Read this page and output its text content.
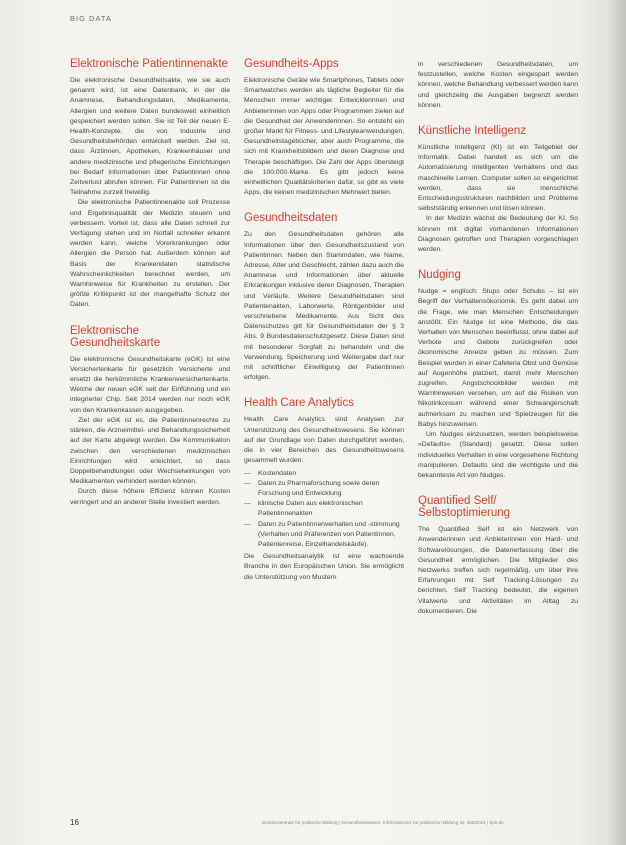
BIG DATA
Elektronische Patientinnenakte

Die elektronische Gesundheitsakte, wie sie auch genannt wird, ist eine Datenbank, in der die Anamnese, Behandlungsdaten, Medikamente, Allergien und weitere Daten bundesweit einheitlich gespeichert werden sollen. Sie ist Teil der neuen E-Health-Konzepte, die von Industrie und Gesundheitsbehörden entwickelt werden. Ziel ist, dass Ärztinnen, Apotheken, Krankenhäuser und andere medizinische und pflegerische Einrichtungen bei Bedarf Informationen über Patientinnen ohne Zeitverlust abrufen können. Für Patientinnen ist die Teilnahme zurzeit freiwillig.

Die elektronische Patientinnenakte soll Prozesse und Ergebnisqualität der Medizin steuern und verbessern. Vorteil ist, dass alle Daten schnell zur Verfügung stehen und im Notfall schneller erkannt werden kann, welche Vorerkrankungen oder Allergien die Person hat. Außerdem können auf Basis der Krankendaten statistische Wahrscheinlichkeiten berechnet werden, um Warnhinweise für Krankheiten zu erstellen. Der größte Kritikpunkt ist der mangelhafte Schutz der Daten.

Elektronische Gesundheitskarte

Die elektronische Gesundheitskarte (eGK) ist eine Versichertenkarte für gesetzlich Versicherte und ersetzt die herkömmliche Krankenversichertenkarte. Welche der neuen eGK seit der Einführung und ein integrierter Chip. Seit 2014 werden nur noch eGK von den Krankenkassen ausgegeben.

Ziel der eGK ist es, die Patientinnenrechte zu stärken, die Arzneimittel- und Behandlungssicherheit auf der Karte abgelegt werden. Die Kommunikation zwischen den verschiedenen medizinischen Einrichtungen wird erleichtert, so dass Doppelbehandlungen oder Wechselwirkungen von Medikamenten verhindert werden können.

Durch diese höhere Effizienz können Kosten verringert und an anderer Stelle investiert werden.

Gesundheits-Apps

Elektronische Geräte wie Smartphones, Tablets oder Smartwatches werden als tägliche Begleiter für die Menschen immer wichtiger. Entwicklerinnen und Anbieterinnen von Apps oder Programmen zielen auf die Gesundheit der Anwenderinnen. So entsteht ein großer Markt für Fitness- und Lifestyleanwendungen, Gesundheitstagebücher, aber auch Programme, die sich mit Krankheitsbildern und deren Diagnose und Therapie beschäftigen. Die Zahl der Apps übersteigt die 100.000-Marke. Es gibt jedoch keine einheitlichen Qualitätskriterien dafür, so gibt es viele Apps, die keinen medizinischen Mehrwert bieten.

Gesundheitsdaten

Zu den Gesundheitsdaten gehören alle Informationen über den Gesundheitszustand von Patientinnen. Neben den Stammdaten, wie Name, Adresse, Alter und Geschlecht, zählen dazu auch die Anamnese und Informationen über aktuelle Erkrankungen inklusive deren Diagnosen, Therapien und Verläufe. Weitere Gesundheitsdaten sind Patientenakten, Laborwerte, Röntgenbilder und verschriebene Medikamente. Aus Sicht des Datenschutzes gilt für Gesundheitsdaten der § 3 Abs. 9 Bundesdatenschutzgesetz. Diese Daten sind mit besonderer Sorgfalt zu behandeln und die Verwendung, Speicherung und Weitergabe darf nur mit schriftlicher Einwilligung der Patientinnen erfolgen.

Health Care Analytics

Health Care Analytics sind Analysen zur Unterstützung des Gesundheitswesens. Sie können auf der Grundlage von Daten durchgeführt werden, die in vier Bereichen des Gesundheitswesens gesammelt wurden:

— Kostendaten
— Daten zu Pharmaforschung sowie deren Forschung und Entwicklung
— klinische Daten aus elektronischen Patientinnenakten
— Daten zu Patientinnenverhalten und -stimmung (Verhalten und Präferenzen von Patientinnen, Patientenreise, Einzelhandelskäufe).

Die Gesundheitsanalytik ist eine wachsende Branche in den Europäischen Union. Sie ermöglicht die Unterstützung von Mustern

in verschiedenen Gesundheitsdaten, um festzustellen, welche Kosten eingespart werden können, welche Behandlung verbessert werden kann und gleichzeitig die Ausgaben begrenzt werden können.

Künstliche Intelligenz

Künstliche Intelligenz (KI) ist ein Teilgebiet der Informatik. Dabei handelt es sich um die Automatisierung intelligenten Verhaltens und das maschinelle Lernen. Computer sollen so eingerichtet werden, dass sie menschliche Entscheidungsstrukturen nachbilden und Probleme selbstständig erkennen und lösen können.

In der Medizin wächst die Bedeutung der KI. So können mit digital vorhandenen Informationen Diagnosen getroffen und Therapien vorgeschlagen werden.

Nudging

Nudge = englisch: Stups oder Schubs – ist ein Begriff der Verhaltensökonomik. Es geht dabei um die Frage, wie man Menschen Entscheidungen anstößt. Ein Nudge ist eine Methode, die das Verhalten von Menschen beeinflusst, ohne dabei auf Verbote und Gebote zurückgreifen oder ökonomische Anreize geben zu müssen. Zum Beispiel wurden in einer Cafeteria Obst und Gemüse auf Augenhöhe platziert, damit mehr Menschen zugreifen. Angstschockbilder werden mit Warnhinweisen versehen, um auf die Risiken von Nikotinkonsum während einer Schwangerschaft aufmerksam zu machen und Spielzeugen für die Babys hinzuweisen.

Um Nudges einzusetzen, werden beispielsweise »Defaults« (Standard) gesetzt. Diese sollen individuelles Verhalten in eine vorgesehene Richtung manipulieren. Defaults sind die wichtigste und die bekannteste Art von Nudges.

Quantified Self/ Selbstoptimierung

The Quantified Self ist ein Netzwerk von Anwenderinnen und Anbieterinnen von Hard- und Softwarelösungen, die Datenerfassung über die Gesundheit ermöglichen. Die Mitglieder des Netzwerks treffen sich regelmäßig, um über ihre Erfahrungen mit Self Tracking-Lösungen zu berichten. Self Tracking bedeutet, die eigenen Vitalwerte und Aktivitäten im Alltag zu dokumentieren. Die

16	Bundeszentrale für politische Bildung | Gesundheitswesen, Informationen zur politischen Bildung Nr. 345/2021 | bpb.de
